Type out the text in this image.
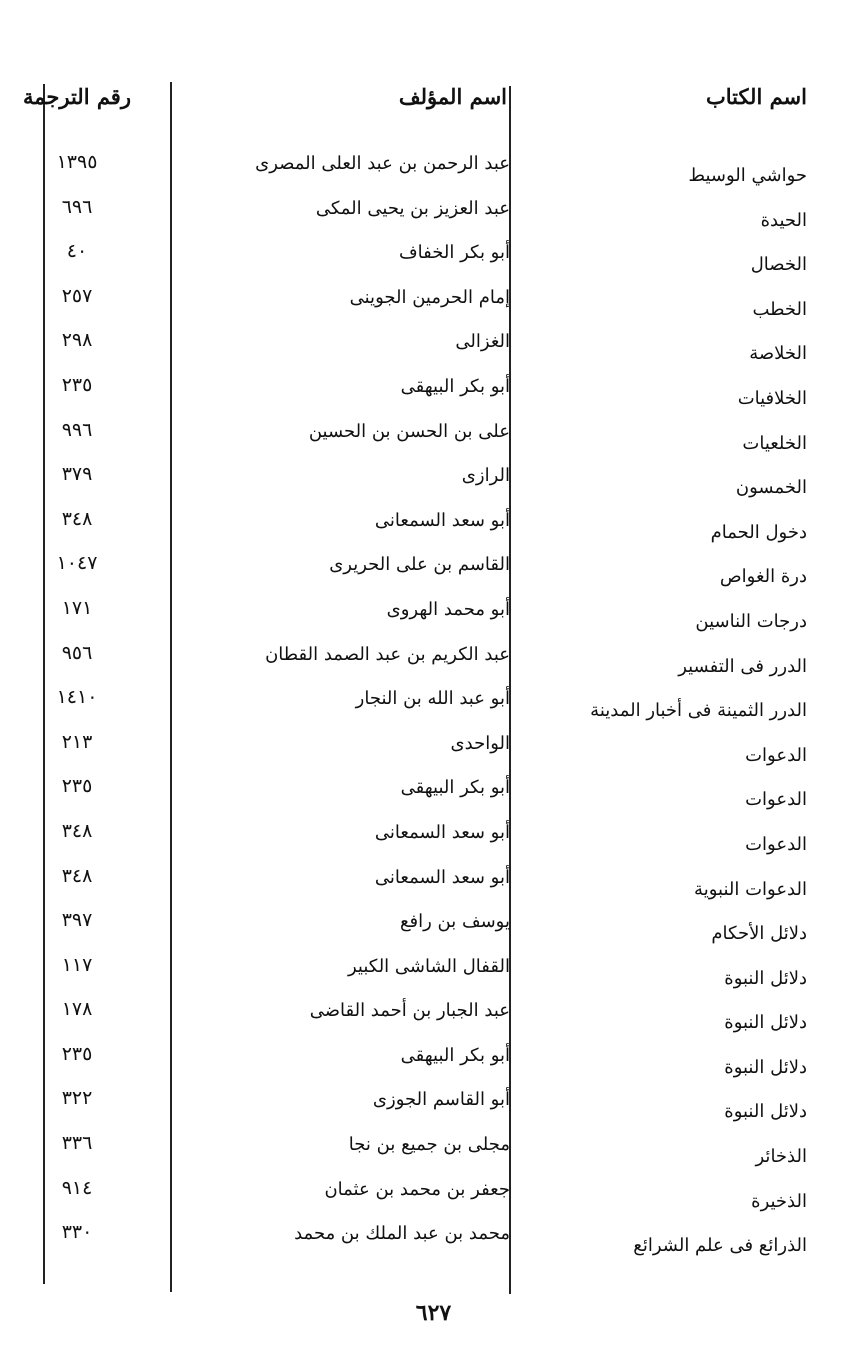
اسم الكتاب
اسم المؤلف
رقم الترجمة
حواشي الوسيط
عبد الرحمن بن عبد العلى المصرى
١٣٩٥
الحيدة
عبد العزيز بن يحيى المكى
٦٩٦
الخصال
أبو بكر الخفاف
٤٠
الخطب
إمام الحرمين الجوينى
٢٥٧
الخلاصة
الغزالى
٢٩٨
الخلافيات
أبو بكر البيهقى
٢٣٥
الخلعيات
على بن الحسن بن الحسين
٩٩٦
الخمسون
الرازى
٣٧٩
دخول الحمام
أبو سعد السمعانى
٣٤٨
درة الغواص
القاسم بن على الحريرى
١٠٤٧
درجات الناسين
أبو محمد الهروى
١٧١
الدرر فى التفسير
عبد الكريم بن عبد الصمد القطان
٩٥٦
الدرر الثمينة فى أخبار المدينة
أبو عبد الله بن النجار
١٤١٠
الدعوات
الواحدى
٢١٣
الدعوات
أبو بكر البيهقى
٢٣٥
الدعوات
أبو سعد السمعانى
٣٤٨
الدعوات النبوية
أبو سعد السمعانى
٣٤٨
دلائل الأحكام
يوسف بن رافع
٣٩٧
دلائل النبوة
القفال الشاشى الكبير
١١٧
دلائل النبوة
عبد الجبار بن أحمد القاضى
١٧٨
دلائل النبوة
أبو بكر البيهقى
٢٣٥
دلائل النبوة
أبو القاسم الجوزى
٣٢٢
الذخائر
مجلى بن جميع بن نجا
٣٣٦
الذخيرة
جعفر بن محمد بن عثمان
٩١٤
الذرائع فى علم الشرائع
محمد بن عبد الملك بن محمد
٣٣٠
٦٢٧
